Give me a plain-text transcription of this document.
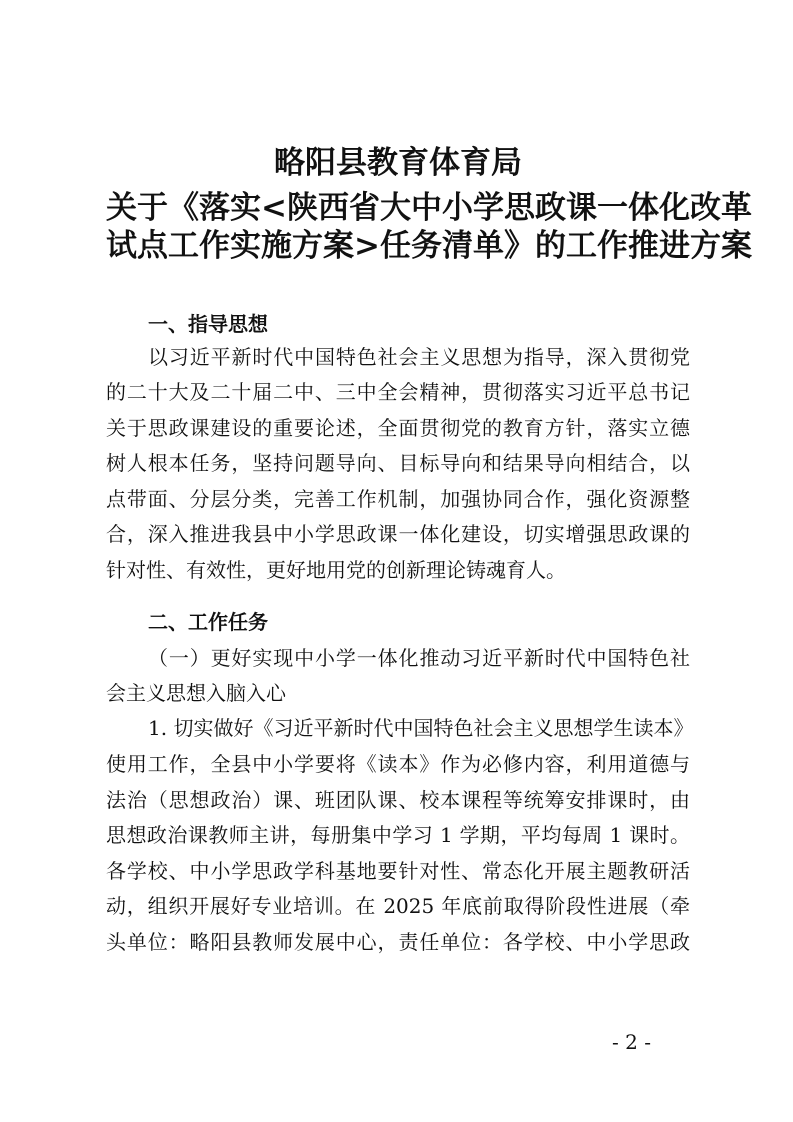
略阳县教育体育局
关于《落实<陕西省大中小学思政课一体化改革
试点工作实施方案>任务清单》的工作推进方案
一、指导思想
以习近平新时代中国特色社会主义思想为指导，深入贯彻党
的二十大及二十届二中、三中全会精神，贯彻落实习近平总书记
关于思政课建设的重要论述，全面贯彻党的教育方针，落实立德
树人根本任务，坚持问题导向、目标导向和结果导向相结合，以
点带面、分层分类，完善工作机制，加强协同合作，强化资源整
合，深入推进我县中小学思政课一体化建设，切实增强思政课的
针对性、有效性，更好地用党的创新理论铸魂育人。
二、工作任务
（一）更好实现中小学一体化推动习近平新时代中国特色社
会主义思想入脑入心
1. 切实做好《习近平新时代中国特色社会主义思想学生读本》
使用工作，全县中小学要将《读本》作为必修内容，利用道德与
法治（思想政治）课、班团队课、校本课程等统筹安排课时，由
思想政治课教师主讲，每册集中学习 1 学期，平均每周 1 课时。
各学校、中小学思政学科基地要针对性、常态化开展主题教研活
动，组织开展好专业培训。在 2025 年底前取得阶段性进展（牵
头单位：略阳县教师发展中心，责任单位：各学校、中小学思政
- 2 -
